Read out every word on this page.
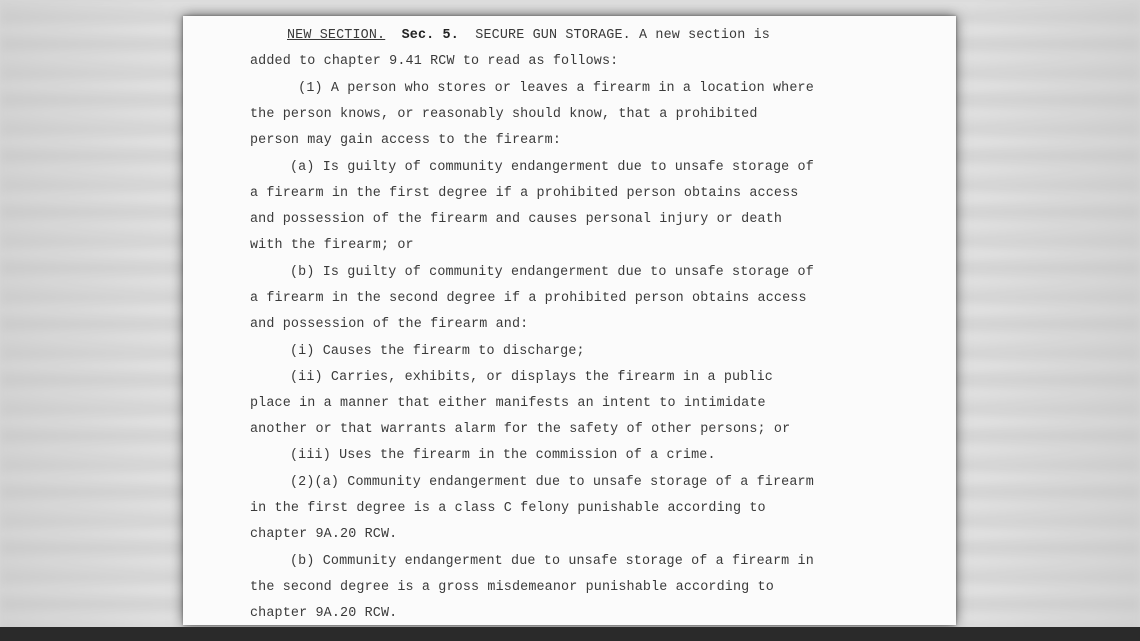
NEW SECTION. Sec. 5. SECURE GUN STORAGE. A new section is
added to chapter 9.41 RCW to read as follows:
(1) A person who stores or leaves a firearm in a location where
the person knows, or reasonably should know, that a prohibited
person may gain access to the firearm:
(a) Is guilty of community endangerment due to unsafe storage of
a firearm in the first degree if a prohibited person obtains access
and possession of the firearm and causes personal injury or death
with the firearm; or
(b) Is guilty of community endangerment due to unsafe storage of
a firearm in the second degree if a prohibited person obtains access
and possession of the firearm and:
(i) Causes the firearm to discharge;
(ii) Carries, exhibits, or displays the firearm in a public
place in a manner that either manifests an intent to intimidate
another or that warrants alarm for the safety of other persons; or
(iii) Uses the firearm in the commission of a crime.
(2)(a) Community endangerment due to unsafe storage of a firearm
in the first degree is a class C felony punishable according to
chapter 9A.20 RCW.
(b) Community endangerment due to unsafe storage of a firearm in
the second degree is a gross misdemeanor punishable according to
chapter 9A.20 RCW.
